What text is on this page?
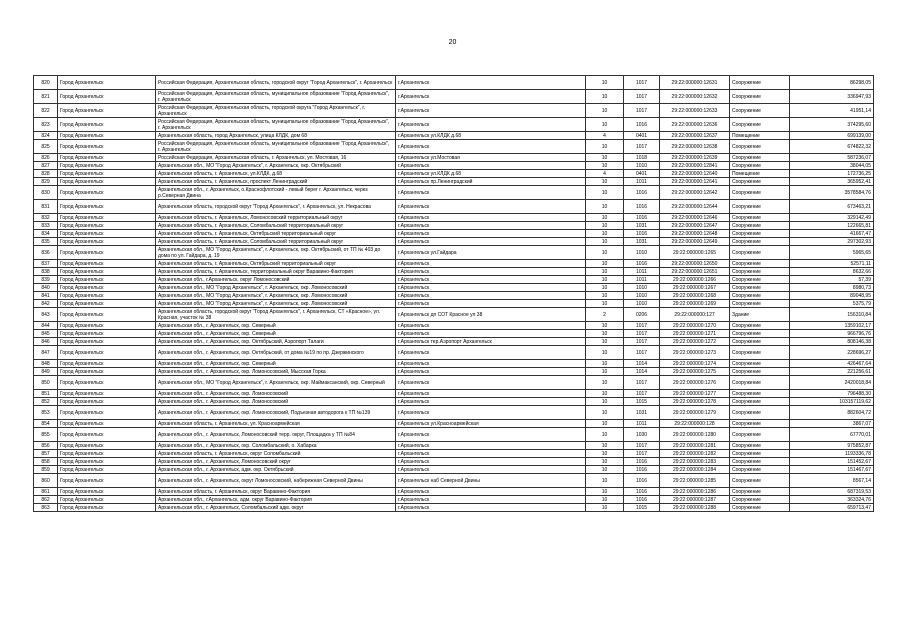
20
820	Город Архангельск	Российская Федерация, Архангельская область, городской округ "Город Архангельск", г. Архангельск	г.Архангельск	10	1017	29:22:000000:12631	Сооружение	86298,05
821	Город Архангельск	Российская Федерация, Архангельская область, муниципальное образование "Город Архангельск", г. Архангельск	г.Архангельск	10	1017	29:22:000000:12632	Сооружение	336947,93
822	Город Архангельск	Российская Федерация, Архангельская область, городской округа "Город Архангельск", г. Архангельск	г.Архангельск	10	1017	29:22:000000:12633	Сооружение	41951,14
823	Город Архангельск	Российская Федерация, Архангельская область, муниципальное образование "Город Архангельск", г. Архангельск	г.Архангельск	10	1016	29:22:000000:12636	Сооружение	374295,60
824	Город Архангельск	Архангельская область, город Архангельск, улица КЛДК, дом 68	г.Архангельск ул.КЛДК д.68	4	0401	29:22:000000:12637	Помещение	699139,00
825	Город Архангельск	Российская Федерация, Архангельская область, муниципальное образование "Город Архангельск", г. Архангельск	г.Архангельск	10	1017	29:22:000000:12638	Сооружение	674822,32
826	Город Архангельск	Российская Федерация, Архангельская область, г. Архангельск, ул. Мостовая, 16	г.Архангельск ул.Мостовая	10	1018	29:22:000000:12639	Сооружение	587236,07
827	Город Архангельск	Архангельская обл., МО "Город Архангельск", г. Архангельск, окр. Октябрьский	г.Архангельск	10	1010	29:22:000000:12841	Сооружение	38044,05
828	Город Архангельск	Архангельская область, г. Архангельск, ул.КЛДК, д.68	г.Архангельск ул.КЛДК д.68	4	0401	29:22:000000:12640	Помещение	172736,25
829	Город Архангельск	Архангельская область, г. Архангельск, проспект Ленинградский	г.Архангельск пр.Ленинградский	10	1011	29:22:000000:12641	Сооружение	365952,41
830	Город Архангельск	Архангельская обл., г. Архангельск, о.Краснофлотский - левый берег г. Архангельск, через р.Северная Двина	г.Архангельск	10	1016	29:22:000000:12642	Сооружение	3578584,76
831	Город Архангельск	Архангельская область, городской округ "Город Архангельск", г. Архангельск, ул. Некрасова	г.Архангельск	10	1016	29:22:000000:12644	Сооружение	673463,21
832	Город Архангельск	Архангельская область, г. Архангельск, Ломоносовский территориальный округ	г.Архангельск	10	1016	29:22:000000:12646	Сооружение	329142,49
833	Город Архангельск	Архангельская область, г. Архангельск, Соломбальский территориальный округ	г.Архангельск	10	1031	29:22:000000:12647	Сооружение	122665,81
834	Город Архангельск	Архангельская область, г. Архангельск, Октябрьский территориальный округ	г.Архангельск	10	1016	29:22:000000:12648	Сооружение	41667,47
835	Город Архангельск	Архангельская область, г. Архангельск, Соломбальский территориальный округ	г.Архангельск	10	1031	29:22:000000:12649	Сооружение	297302,93
836	Город Архангельск	Архангельская обл., МО "Город Архангельск", г. Архангельск, окр. Октябрьский, от ТП № 403 до дома по ул. Гайдара, д. 19	г.Архангельск ул.Гайдара	10	1010	29:22:000000:1265	Сооружение	5965,65
837	Город Архангельск	Архангельская область, г. Архангельск, Октябрьский территориальный округ	г.Архангельск	10	1016	29:22:000000:12650	Сооружение	52571,11
838	Город Архангельск	Архангельская область, г. Архангельск, территориальный округ Варавино-Фактория	г.Архангельск	10	1011	29:22:000000:12651	Сооружение	8632,66
839	Город Архангельск	Архангельская обл., г.Архангельск, округ Ломоносовский	г.Архангельск	10	1011	29:22:000000:1266	Сооружение	57,39
840	Город Архангельск	Архангельская обл., МО "Город Архангельск", г. Архангельск, окр. Ломоносовский	г.Архангельск	10	1010	29:22:000000:1267	Сооружение	8980,73
841	Город Архангельск	Архангельская обл., МО "Город Архангельск", г. Архангельск, окр. Ломоносовский	г.Архангельск	10	1010	29:22:000000:1268	Сооружение	89048,95
842	Город Архангельск	Архангельская обл., МО "Город Архангельск", г. Архангельск, окр. Ломоносовский	г.Архангельск	10	1010	29:22:000000:1269	Сооружение	5375,79
843	Город Архангельск	Архангельская область, городской округ "Город Архангельск", г. Архангельск, СТ «Красное», ул. Красная, участок № 38	г.Архангельск дп СОТ Красное ул 38	2	0206	29:22:000000:127	Здание	156310,84
844	Город Архангельск	Архангельская обл., г. Архангельск, окр. Северный	г.Архангельск	10	1017	29:22:000000:1270	Сооружение	1359102,17
845	Город Архангельск	Архангельская обл., г. Архангельск, окр. Северный	г.Архангельск	10	1017	29:22:000000:1271	Сооружение	966796,76
846	Город Архангельск	Архангельская обл., г. Архангельск, окр. Октябрьский, Аэропорт Талаги	г.Архангельск тер.Аэропорт Архангельск	10	1017	29:22:000000:1272	Сооружение	808146,38
847	Город Архангельск	Архангельская обл., г. Архангельск, окр. Октябрьский, от дома №19 по пр. Дзержинского	г.Архангельск	10	1017	29:22:000000:1273	Сооружение	228696,27
848	Город Архангельск	Архангельская обл., г. Архангельск, окр. Северный	г.Архангельск	10	1014	29:22:000000:1274	Сооружение	426467,64
849	Город Архангельск	Архангельская обл., г. Архангельск, окр. Ломоносовский, Мысская Горка	г.Архангельск	10	1014	29:22:000000:1275	Сооружение	221256,61
850	Город Архангельск	Архангельская обл., МО "Город Архангельск", г. Архангельск, окр. Маймаксанский, окр. Северный	г.Архангельск	10	1017	29:22:000000:1276	Сооружение	2420018,84
851	Город Архангельск	Архангельская обл., г. Архангельск, окр. Ломоносовский	г.Архангельск	10	1017	29:22:000000:1277	Сооружение	796488,30
852	Город Архангельск	Архангельская обл., г. Архангельск, окр. Ломоносовский	г.Архангельск	10	1015	29:22:000000:1278	Сооружение	103157119,62
853	Город Архангельск	Архангельская обл., г. Архангельск, окр. Ломоносовский, Подъезная автодорога к ТП №139	г.Архангельск	10	1031	29:22:000000:1279	Сооружение	882604,72
854	Город Архангельск	Архангельская область, г. Архангельск, ул. Красноармейская	г.Архангельск ул.Красноармейская	10	1011	29:22:000000:128	Сооружение	3867,07
855	Город Архангельск	Архангельская обл., г. Архангельск, Ломоносовский терр. округ, Площадка у ТП №84	г.Архангельск	10	1030	29:22:000000:1280	Сооружение	67770,01
856	Город Архангельск	Архангельская обл., г. Архангельск, окр. Соломбальский, о. Хабарка	г.Архангельск	10	1017	29:22:000000:1281	Сооружение	975852,87
857	Город Архангельск	Архангельская область, г. Архангельск, округ Соломбальский	г.Архангельск	10	1017	29:22:000000:1282	Сооружение	1193336,78
858	Город Архангельск	Архангельская обл., г. Архангельск, Ломоносовский округ	г.Архангельск	10	1016	29:22:000000:1283	Сооружение	151452,67
859	Город Архангельск	Архангельская обл., г. Архангельск, адм. окр. Октябрьский	г.Архангельск	10	1016	29:22:000000:1284	Сооружение	151467,67
860	Город Архангельск	Архангельская обл., г. Архангельск, округ Ломоносовский, набережная Северной Двины	г.Архангельск наб Северной Двины	10	1016	29:22:000000:1285	Сооружение	8567,14
861	Город Архангельск	Архангельская область, г. Архангельск, округ Варавино-Фактория	г.Архангельск	10	1016	29:22:000000:1286	Сооружение	687319,53
862	Город Архангельск	Архангельская обл., г.Архангельск, адм. округ Варавино-Фактория	г.Архангельск	10	1016	29:22:000000:1287	Сооружение	363324,76
863	Город Архангельск	Архангельская обл., г. Архангельск, Соломбальский адм. округ	г.Архангельск	10	1015	29:22:000000:1288	Сооружение	659713,47
